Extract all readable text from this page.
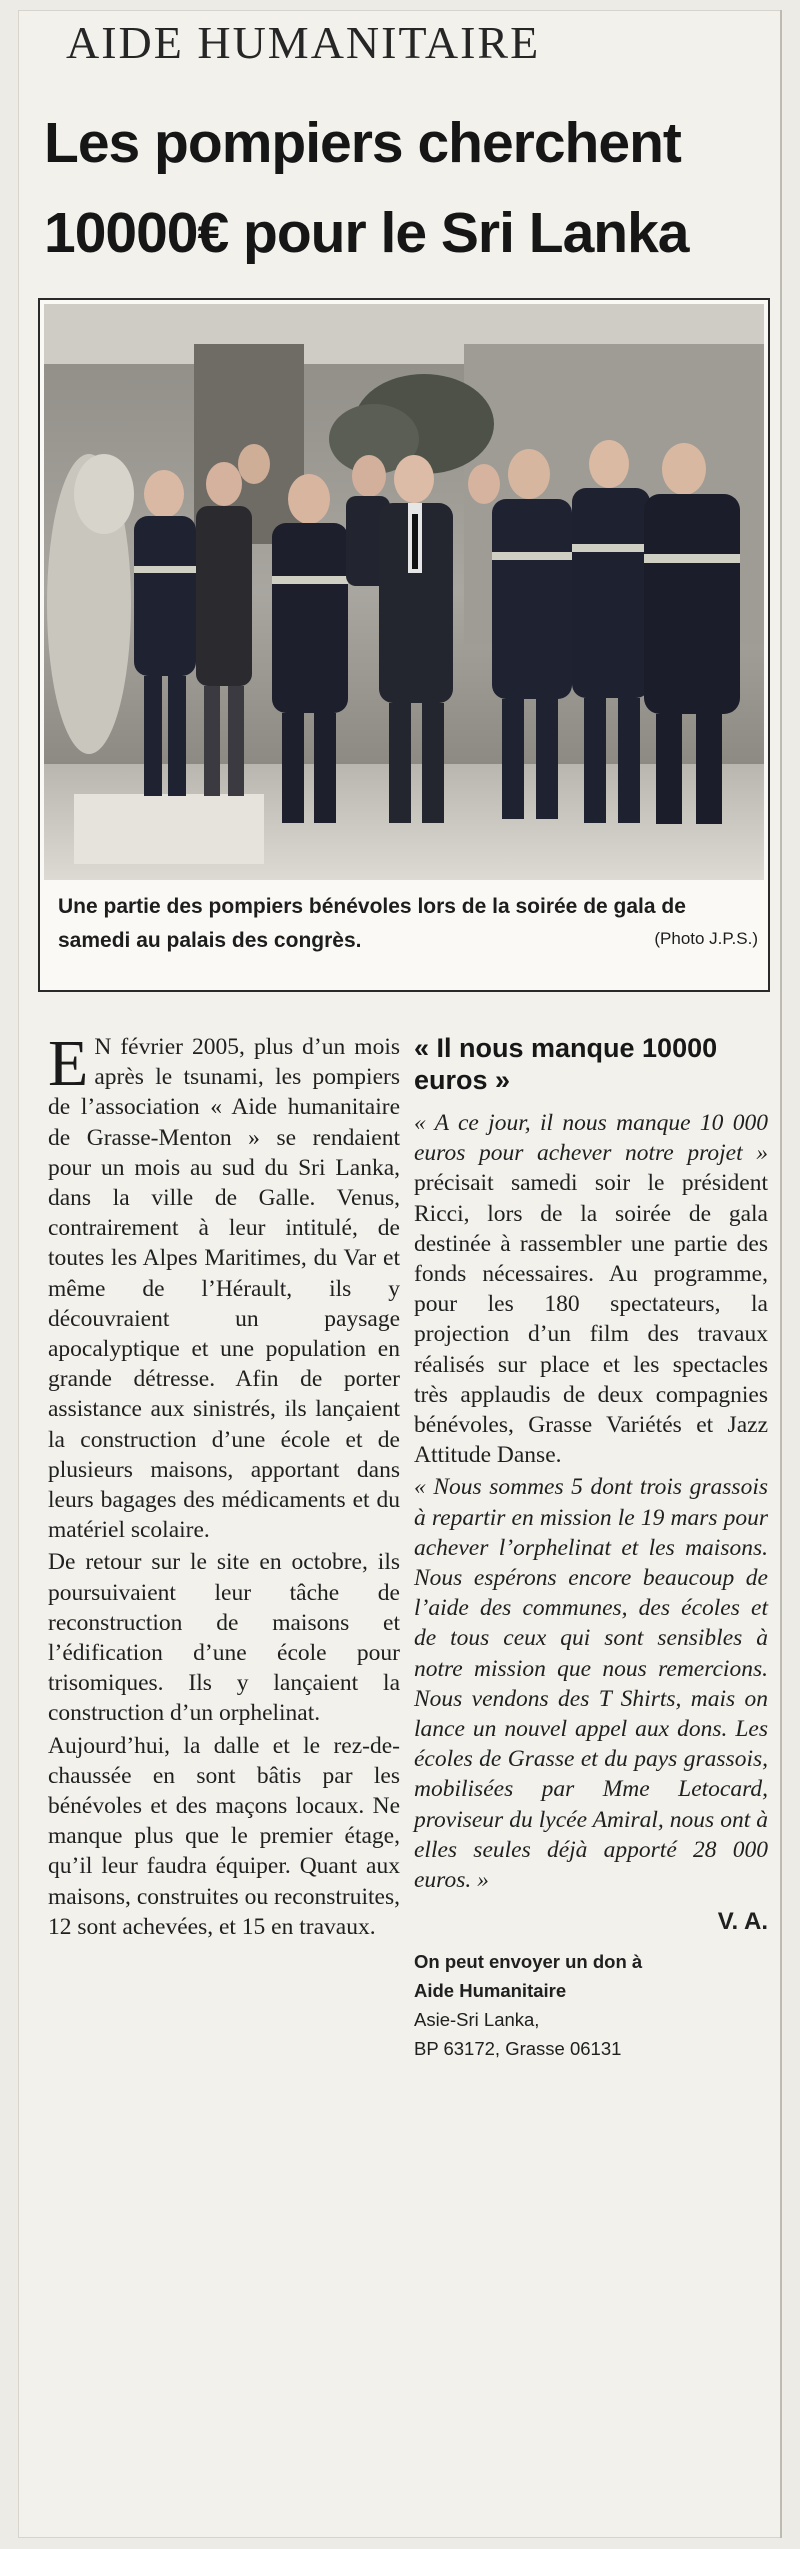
AIDE HUMANITAIRE
Les pompiers cherchent
10000€ pour le Sri Lanka
Une partie des pompiers bénévoles lors de la soirée de gala de samedi au palais des congrès.	(Photo J.P.S.)

E N février 2005, plus d’un mois après le tsunami, les pompiers de l’association « Aide humanitaire de Grasse-Menton » se rendaient pour un mois au sud du Sri Lanka, dans la ville de Galle. Venus, contrairement à leur intitulé, de toutes les Alpes Maritimes, du Var et même de l’Hérault, ils y découvraient un paysage apocalyptique et une population en grande détresse. Afin de porter assistance aux sinistrés, ils lançaient la construction d’une école et de plusieurs maisons, apportant dans leurs bagages des médicaments et du matériel scolaire.

De retour sur le site en octobre, ils poursuivaient leur tâche de reconstruction de maisons et l’édification d’une école pour trisomiques. Ils y lançaient la construction d’un orphelinat.

Aujourd’hui, la dalle et le rez-de-chaussée en sont bâtis par les bénévoles et des maçons locaux. Ne manque plus que le premier étage, qu’il leur faudra équiper. Quant aux maisons, construites ou reconstruites, 12 sont achevées, et 15 en travaux.

« Il nous manque 10000 euros »

« A ce jour, il nous manque 10 000 euros pour achever notre projet » précisait samedi soir le président Ricci, lors de la soirée de gala destinée à rassembler une partie des fonds nécessaires. Au programme, pour les 180 spectateurs, la projection d’un film des travaux réalisés sur place et les spectacles très applaudis de deux compagnies bénévoles, Grasse Variétés et Jazz Attitude Danse.

« Nous sommes 5 dont trois grassois à repartir en mission le 19 mars pour achever l’orphelinat et les maisons. Nous espérons encore beaucoup de l’aide des communes, des écoles et de tous ceux qui sont sensibles à notre mission que nous remercions. Nous vendons des T Shirts, mais on lance un nouvel appel aux dons. Les écoles de Grasse et du pays grassois, mobilisées par Mme Letocard, proviseur du lycée Amiral, nous ont à elles seules déjà apporté 28 000 euros. »

V. A.
On peut envoyer un don à
Aide Humanitaire
Asie-Sri Lanka,
BP 63172, Grasse 06131
